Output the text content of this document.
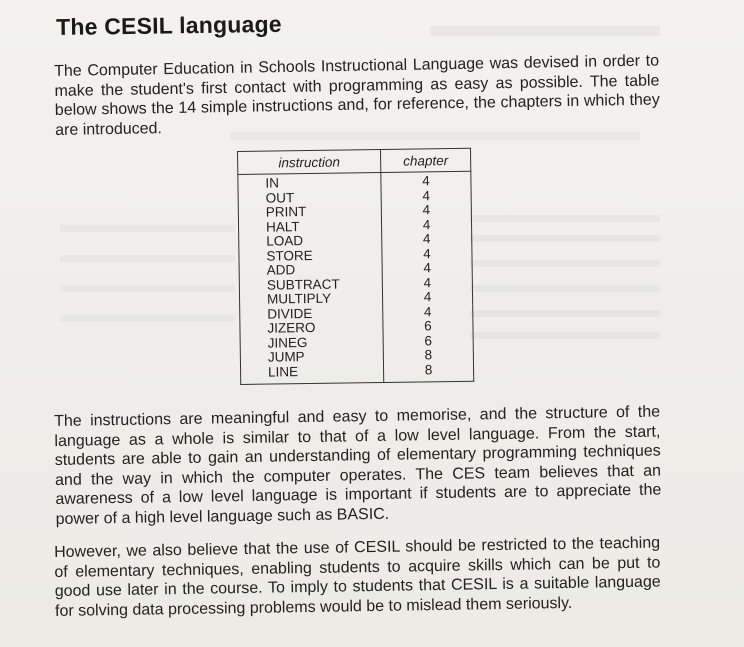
The CESIL language

The Computer Education in Schools Instructional Language was devised in order to make the student's first contact with programming as easy as possible. The table below shows the 14 simple instructions and, for reference, the chapters in which they are introduced.

instruction	chapter
IN	4
OUT	4
PRINT	4
HALT	4
LOAD	4
STORE	4
ADD	4
SUBTRACT	4
MULTIPLY	4
DIVIDE	4
JIZERO	6
JINEG	6
JUMP	8
LINE	8

The instructions are meaningful and easy to memorise, and the structure of the language as a whole is similar to that of a low level language. From the start, students are able to gain an understanding of elementary programming techniques and the way in which the computer operates. The CES team believes that an awareness of a low level language is important if students are to appreciate the power of a high level language such as BASIC.

However, we also believe that the use of CESIL should be restricted to the teaching of elementary techniques, enabling students to acquire skills which can be put to good use later in the course. To imply to students that CESIL is a suitable language for solving data processing problems would be to mislead them seriously.
